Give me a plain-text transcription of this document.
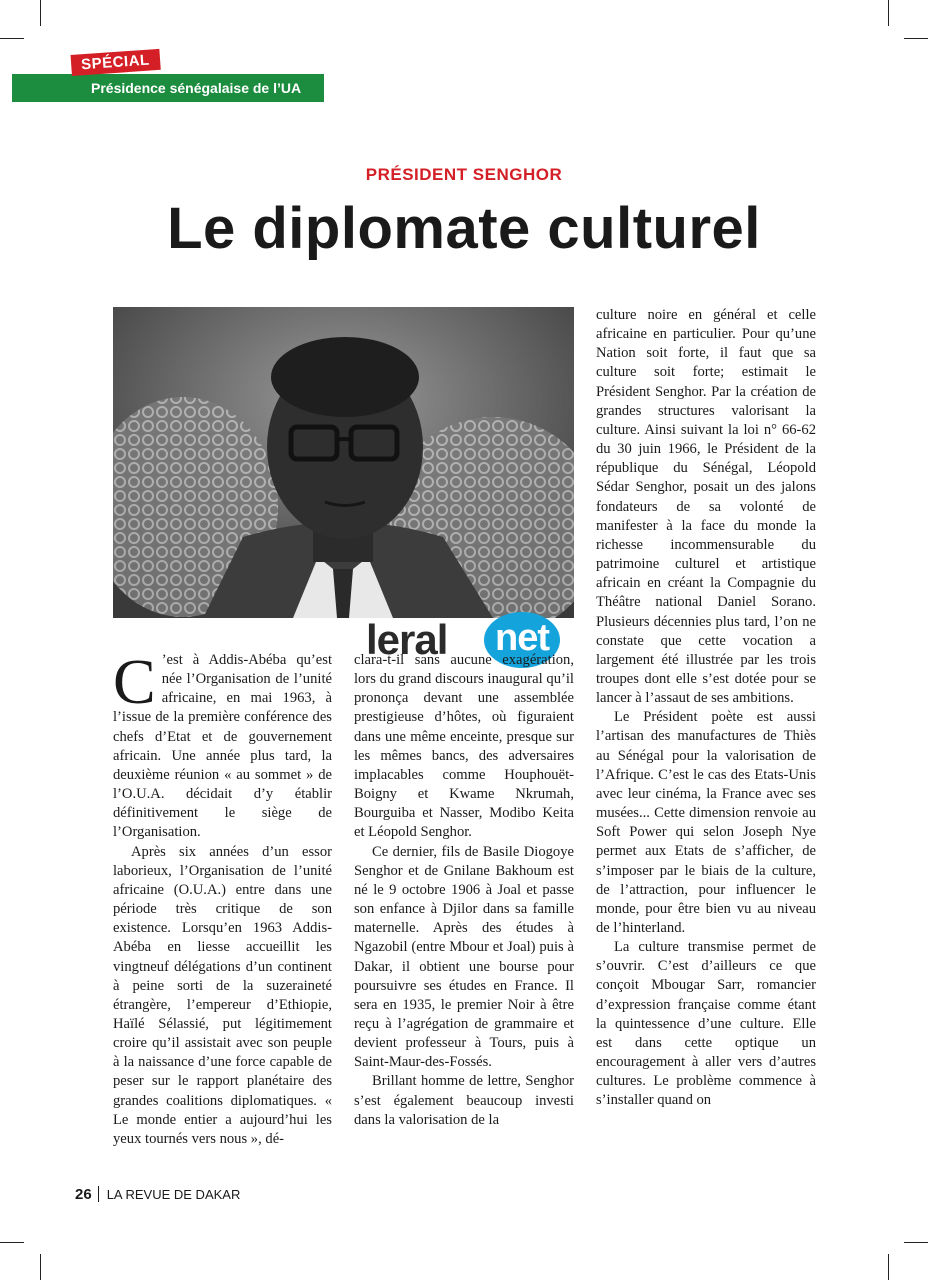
SPÉCIAL
Présidence sénégalaise de l’UA
PRÉSIDENT SENGHOR
Le diplomate culturel
leral net

C ’est à Addis-Abéba qu’est née l’Organisation de l’unité africaine, en mai 1963, à l’issue de la première conférence des chefs d’Etat et de gouvernement africain. Une année plus tard, la deuxième réunion « au sommet » de l’O.U.A. décidait d’y établir définitivement le siège de l’Organisation.

Après six années d’un essor laborieux, l’Organisation de l’unité africaine (O.U.A.) entre dans une période très critique de son existence. Lorsqu’en 1963 Addis-Abéba en liesse accueillit les vingtneuf délégations d’un continent à peine sorti de la suzeraineté étrangère, l’empereur d’Ethiopie, Haïlé Sélassié, put légitimement croire qu’il assistait avec son peuple à la naissance d’une force capable de peser sur le rapport planétaire des grandes coalitions diplomatiques. « Le monde entier a aujourd’hui les yeux tournés vers nous », dé-

clara-t-il sans aucune exagération, lors du grand discours inaugural qu’il prononça devant une assemblée prestigieuse d’hôtes, où figuraient dans une même enceinte, presque sur les mêmes bancs, des adversaires implacables comme Houphouët-Boigny et Kwame Nkrumah, Bourguiba et Nasser, Modibo Keita et Léopold Senghor.

Ce dernier, fils de Basile Diogoye Senghor et de Gnilane Bakhoum est né le 9 octobre 1906 à Joal et passe son enfance à Djilor dans sa famille maternelle. Après des études à Ngazobil (entre Mbour et Joal) puis à Dakar, il obtient une bourse pour poursuivre ses études en France. Il sera en 1935, le premier Noir à être reçu à l’agrégation de grammaire et devient professeur à Tours, puis à Saint-Maur-des-Fossés.

Brillant homme de lettre, Senghor s’est également beaucoup investi dans la valorisation de la

culture noire en général et celle africaine en particulier. Pour qu’une Nation soit forte, il faut que sa culture soit forte; estimait le Président Senghor. Par la création de grandes structures valorisant la culture. Ainsi suivant la loi n° 66-62 du 30 juin 1966, le Président de la république du Sénégal, Léopold Sédar Senghor, posait un des jalons fondateurs de sa volonté de manifester à la face du monde la richesse incommensurable du patrimoine culturel et artistique africain en créant la Compagnie du Théâtre national Daniel Sorano. Plusieurs décennies plus tard, l’on ne constate que cette vocation a largement été illustrée par les trois troupes dont elle s’est dotée pour se lancer à l’assaut de ses ambitions.

Le Président poète est aussi l’artisan des manufactures de Thiès au Sénégal pour la valorisation de l’Afrique. C’est le cas des Etats-Unis avec leur cinéma, la France avec ses musées... Cette dimension renvoie au Soft Power qui selon Joseph Nye permet aux Etats de s’afficher, de s’imposer par le biais de la culture, de l’attraction, pour influencer le monde, pour être bien vu au niveau de l’hinterland.

La culture transmise permet de s’ouvrir. C’est d’ailleurs ce que conçoit Mbougar Sarr, romancier d’expression française comme étant la quintessence d’une culture. Elle est dans cette optique un encouragement à aller vers d’autres cultures. Le problème commence à s’installer quand on

26 LA REVUE DE DAKAR
